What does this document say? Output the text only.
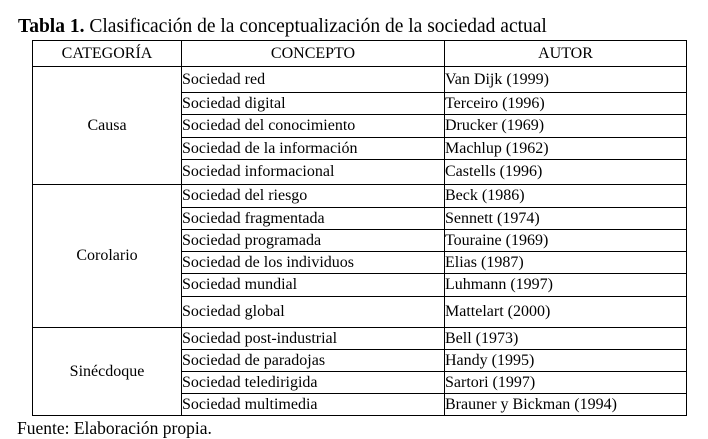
Tabla 1. Clasificación de la conceptualización de la sociedad actual
CATEGORÍA	CONCEPTO	AUTOR
Causa	Sociedad red	Van Dijk (1999)
	Sociedad digital	Terceiro (1996)
	Sociedad del conocimiento	Drucker (1969)
	Sociedad de la información	Machlup (1962)
	Sociedad informacional	Castells (1996)
Corolario	Sociedad del riesgo	Beck (1986)
	Sociedad fragmentada	Sennett (1974)
	Sociedad programada	Touraine (1969)
	Sociedad de los individuos	Elias (1987)
	Sociedad mundial	Luhmann (1997)
	Sociedad global	Mattelart (2000)
Sinécdoque	Sociedad post-industrial	Bell (1973)
	Sociedad de paradojas	Handy (1995)
	Sociedad teledirigida	Sartori (1997)
	Sociedad multimedia	Brauner y Bickman (1994)
Fuente: Elaboración propia.
